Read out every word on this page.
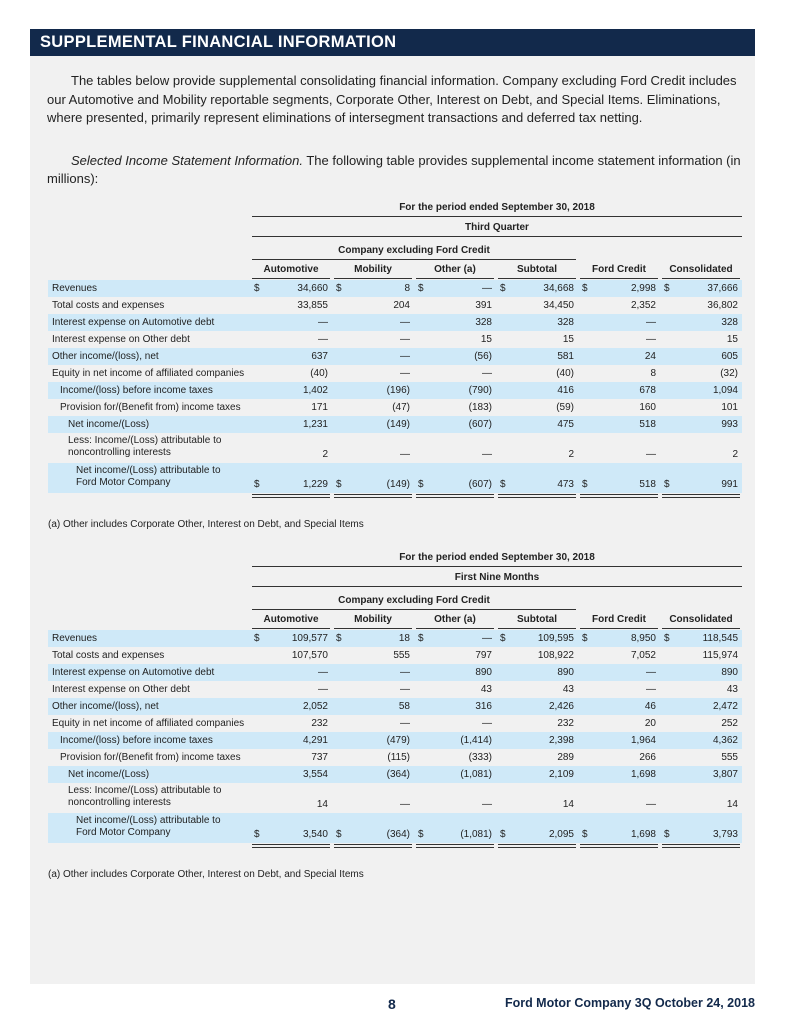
SUPPLEMENTAL FINANCIAL INFORMATION

The tables below provide supplemental consolidating financial information. Company excluding Ford Credit includes our Automotive and Mobility reportable segments, Corporate Other, Interest on Debt, and Special Items. Eliminations, where presented, primarily represent eliminations of intersegment transactions and deferred tax netting.

Selected Income Statement Information. The following table provides supplemental income statement information (in millions):

For the period ended September 30, 2018
Third Quarter
Company excluding Ford Credit
Automotive	Mobility	Other (a)	Subtotal	Ford Credit	Consolidated
Revenues	$	34,660 $	8 $	— $	34,668 $	2,998 $	37,666
Total costs and expenses	33,855	204	391	34,450	2,352	36,802
Interest expense on Automotive debt	—	—	328	328	—	328
Interest expense on Other debt	—	—	15	15	—	15
Other income/(loss), net	637	—	(56)	581	24	605
Equity in net income of affiliated companies	(40)	—	—	(40)	8	(32)
Income/(loss) before income taxes	1,402	(196)	(790)	416	678	1,094
Provision for/(Benefit from) income taxes	171	(47)	(183)	(59)	160	101
Net income/(Loss)	1,231	(149)	(607)	475	518	993
Less: Income/(Loss) attributable to
noncontrolling interests	2	—	—	2	—	2
Net income/(Loss) attributable to
Ford Motor Company	$	1,229 $	(149) $	(607) $	473 $	518 $	991
(a) Other includes Corporate Other, Interest on Debt, and Special Items
For the period ended September 30, 2018
First Nine Months
Company excluding Ford Credit
Automotive	Mobility	Other (a)	Subtotal	Ford Credit	Consolidated
Revenues	$	109,577 $	18 $	— $	109,595 $	8,950 $	118,545
Total costs and expenses	107,570	555	797	108,922	7,052	115,974
Interest expense on Automotive debt	—	—	890	890	—	890
Interest expense on Other debt	—	—	43	43	—	43
Other income/(loss), net	2,052	58	316	2,426	46	2,472
Equity in net income of affiliated companies	232	—	—	232	20	252
Income/(loss) before income taxes	4,291	(479)	(1,414)	2,398	1,964	4,362
Provision for/(Benefit from) income taxes	737	(115)	(333)	289	266	555
Net income/(Loss)	3,554	(364)	(1,081)	2,109	1,698	3,807
Less: Income/(Loss) attributable to
noncontrolling interests	14	—	—	14	—	14
Net income/(Loss) attributable to
Ford Motor Company	$	3,540 $	(364) $	(1,081) $	2,095 $	1,698 $	3,793
(a) Other includes Corporate Other, Interest on Debt, and Special Items
8	Ford Motor Company 3Q October 24, 2018
